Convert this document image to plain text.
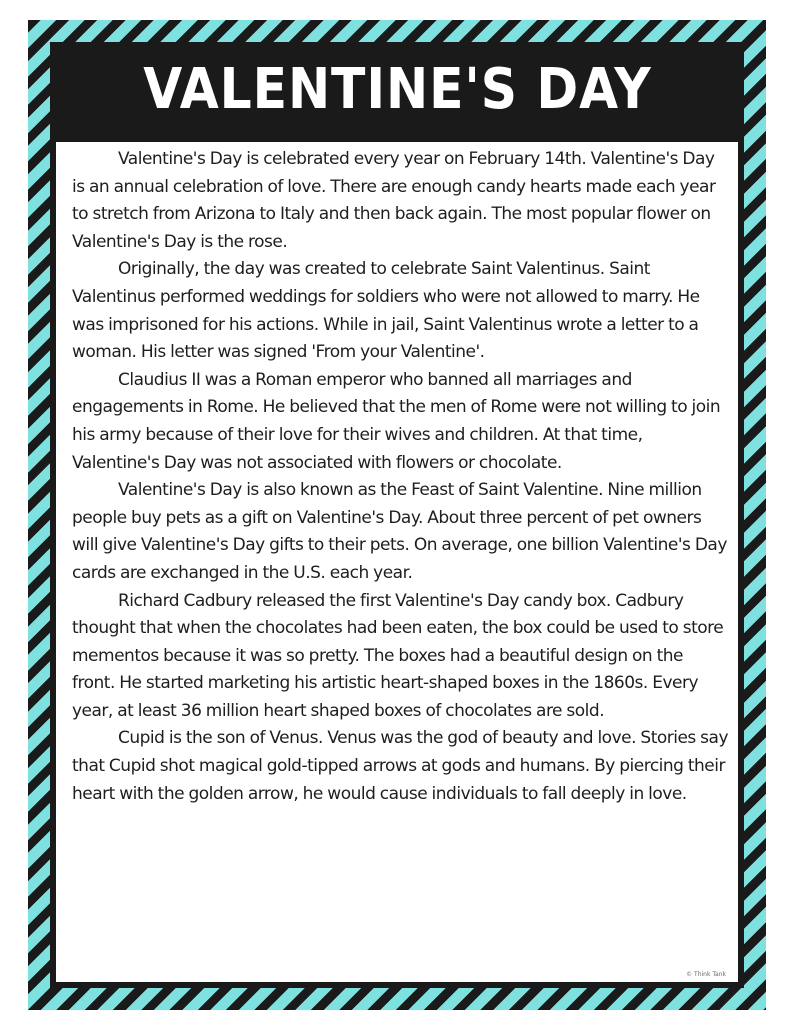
VALENTINE'S DAY

Valentine's Day is celebrated every year on February 14th. Valentine's Day is an annual celebration of love. There are enough candy hearts made each year to stretch from Arizona to Italy and then back again. The most popular flower on Valentine's Day is the rose.

Originally, the day was created to celebrate Saint Valentinus. Saint Valentinus performed weddings for soldiers who were not allowed to marry. He was imprisoned for his actions. While in jail, Saint Valentinus wrote a letter to a woman. His letter was signed 'From your Valentine'.

Claudius II was a Roman emperor who banned all marriages and engagements in Rome. He believed that the men of Rome were not willing to join his army because of their love for their wives and children. At that time, Valentine's Day was not associated with flowers or chocolate.

Valentine's Day is also known as the Feast of Saint Valentine. Nine million people buy pets as a gift on Valentine's Day. About three percent of pet owners will give Valentine's Day gifts to their pets. On average, one billion Valentine's Day cards are exchanged in the U.S. each year.

Richard Cadbury released the first Valentine's Day candy box. Cadbury thought that when the chocolates had been eaten, the box could be used to store mementos because it was so pretty. The boxes had a beautiful design on the front. He started marketing his artistic heart-shaped boxes in the 1860s. Every year, at least 36 million heart shaped boxes of chocolates are sold.

Cupid is the son of Venus. Venus was the god of beauty and love. Stories say that Cupid shot magical gold-tipped arrows at gods and humans. By piercing their heart with the golden arrow, he would cause individuals to fall deeply in love.

© Think Tank
